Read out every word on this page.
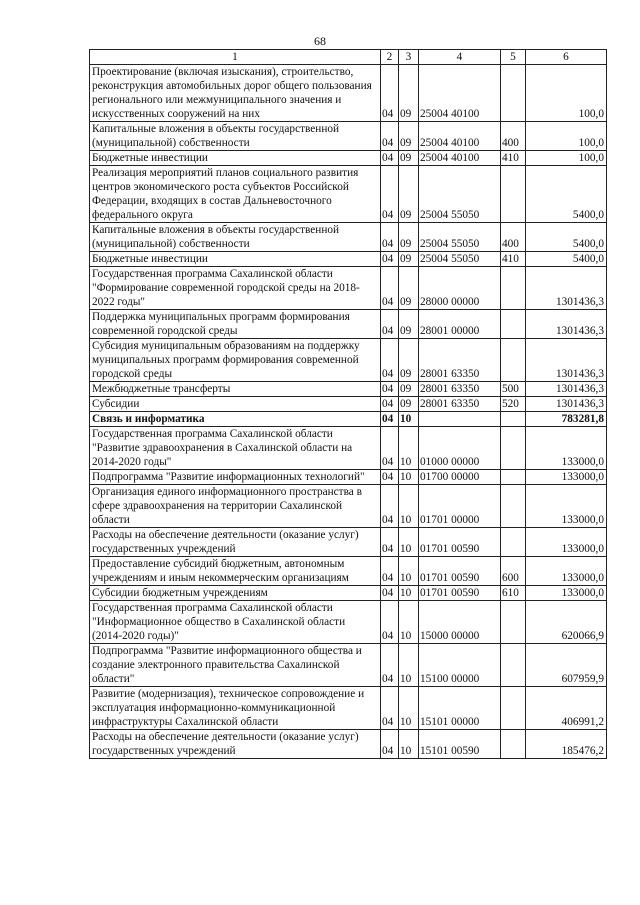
68
1	2	3	4	5	6
Проектирование (включая изыскания), строительство, реконструкция автомобильных дорог общего пользования регионального или межмуниципального значения и искусственных сооружений на них	04	09	25004 40100		100,0
Капитальные вложения в объекты государственной (муниципальной) собственности	04	09	25004 40100	400	100,0
Бюджетные инвестиции	04	09	25004 40100	410	100,0
Реализация мероприятий планов социального развития центров экономического роста субъектов Российской Федерации, входящих в состав Дальневосточного федерального округа	04	09	25004 55050		5400,0
Капитальные вложения в объекты государственной (муниципальной) собственности	04	09	25004 55050	400	5400,0
Бюджетные инвестиции	04	09	25004 55050	410	5400,0
Государственная программа Сахалинской области "Формирование современной городской среды на 2018-2022 годы"	04	09	28000 00000		1301436,3
Поддержка муниципальных программ формирования современной городской среды	04	09	28001 00000		1301436,3
Субсидия муниципальным образованиям на поддержку муниципальных программ формирования современной городской среды	04	09	28001 63350		1301436,3
Межбюджетные трансферты	04	09	28001 63350	500	1301436,3
Субсидии	04	09	28001 63350	520	1301436,3
Связь и информатика	04	10			783281,8
Государственная программа Сахалинской области "Развитие здравоохранения в Сахалинской области на 2014-2020 годы"	04	10	01000 00000		133000,0
Подпрограмма "Развитие информационных технологий"	04	10	01700 00000		133000,0
Организация единого информационного пространства в сфере здравоохранения на территории Сахалинской области	04	10	01701 00000		133000,0
Расходы на обеспечение деятельности (оказание услуг) государственных учреждений	04	10	01701 00590		133000,0
Предоставление субсидий бюджетным, автономным учреждениям и иным некоммерческим организациям	04	10	01701 00590	600	133000,0
Субсидии бюджетным учреждениям	04	10	01701 00590	610	133000,0
Государственная программа Сахалинской области "Информационное общество в Сахалинской области (2014-2020 годы)"	04	10	15000 00000		620066,9
Подпрограмма "Развитие информационного общества и создание электронного правительства Сахалинской области"	04	10	15100 00000		607959,9
Развитие (модернизация), техническое сопровождение и эксплуатация информационно-коммуникационной инфраструктуры Сахалинской области	04	10	15101 00000		406991,2
Расходы на обеспечение деятельности (оказание услуг) государственных учреждений	04	10	15101 00590		185476,2
